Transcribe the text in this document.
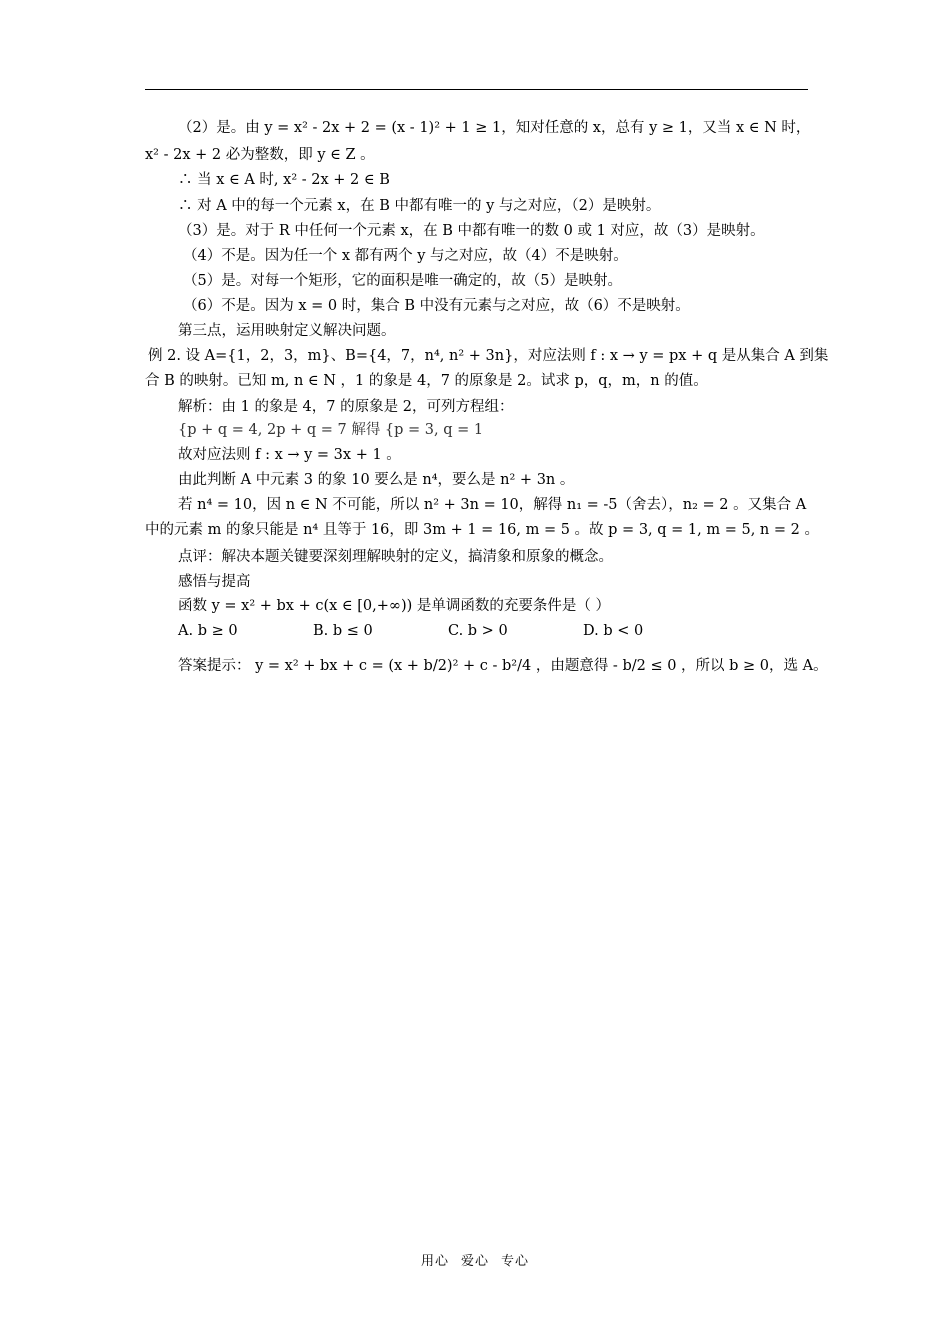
（2）是。由 y = x² - 2x + 2 = (x - 1)² + 1 ≥ 1，知对任意的 x，总有 y ≥ 1，又当 x ∈ N 时，
x² - 2x + 2 必为整数，即 y ∈ Z 。
∴ 当 x ∈ A 时, x² - 2x + 2 ∈ B
∴ 对 A 中的每一个元素 x，在 B 中都有唯一的 y 与之对应，（2）是映射。
（3）是。对于 R 中任何一个元素 x，在 B 中都有唯一的数 0 或 1 对应，故（3）是映射。
（4）不是。因为任一个 x 都有两个 y 与之对应，故（4）不是映射。
（5）是。对每一个矩形，它的面积是唯一确定的，故（5）是映射。
（6）不是。因为 x = 0 时，集合 B 中没有元素与之对应，故（6）不是映射。
第三点，运用映射定义解决问题。
例 2. 设 A={1，2，3，m}、B={4，7，n⁴, n² + 3n}，对应法则 f : x → y = px + q 是从集合 A 到集
合 B 的映射。已知 m, n ∈ N ，1 的象是 4，7 的原象是 2。试求 p，q，m，n 的值。
解析：由 1 的象是 4，7 的原象是 2，可列方程组：
{p + q = 4, 2p + q = 7 解得 {p = 3, q = 1
故对应法则 f : x → y = 3x + 1 。
由此判断 A 中元素 3 的象 10 要么是 n⁴，要么是 n² + 3n 。
若 n⁴ = 10，因 n ∈ N 不可能，所以 n² + 3n = 10，解得 n₁ = -5（舍去），n₂ = 2 。又集合 A
中的元素 m 的象只能是 n⁴ 且等于 16，即 3m + 1 = 16, m = 5 。故 p = 3, q = 1, m = 5, n = 2 。
点评：解决本题关键要深刻理解映射的定义，搞清象和原象的概念。
感悟与提高
函数 y = x² + bx + c(x ∈ [0,+∞)) 是单调函数的充要条件是（ ）
A. b ≥ 0	B. b ≤ 0	C. b > 0	D. b < 0
答案提示： y = x² + bx + c = (x + b/2)² + c - b²/4 ，由题意得 - b/2 ≤ 0 ，所以 b ≥ 0，选 A。
用心 爱心 专心
